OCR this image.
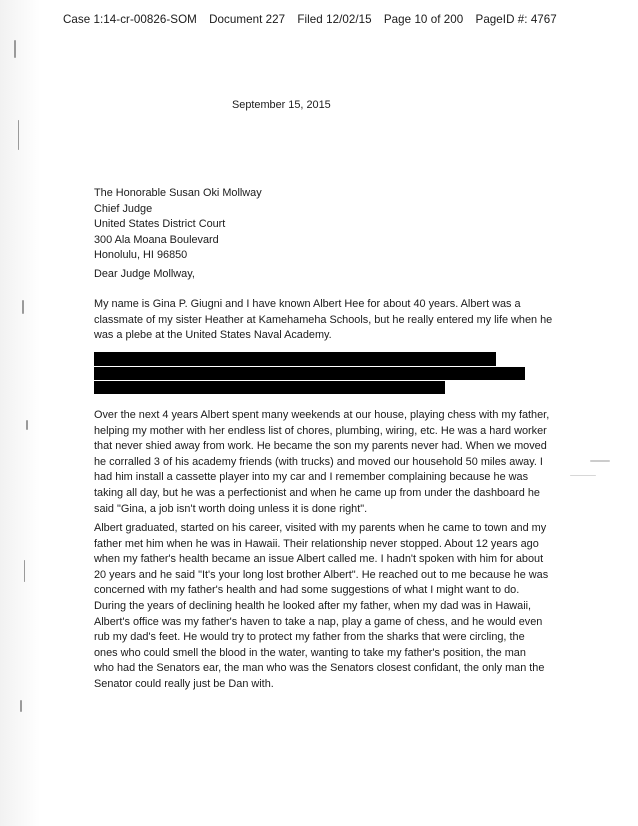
Case 1:14-cr-00826-SOM Document 227 Filed 12/02/15 Page 10 of 200 PageID #: 4767
September 15, 2015
The Honorable Susan Oki Mollway
Chief Judge
United States District Court
300 Ala Moana Boulevard
Honolulu, HI 96850
Dear Judge Mollway,
My name is Gina P. Giugni and I have known Albert Hee for about 40 years. Albert was a
classmate of my sister Heather at Kamehameha Schools, but he really entered my life when he
was a plebe at the United States Naval Academy.
Over the next 4 years Albert spent many weekends at our house, playing chess with my father,
helping my mother with her endless list of chores, plumbing, wiring, etc. He was a hard worker
that never shied away from work. He became the son my parents never had. When we moved
he corralled 3 of his academy friends (with trucks) and moved our household 50 miles away. I
had him install a cassette player into my car and I remember complaining because he was
taking all day, but he was a perfectionist and when he came up from under the dashboard he
said "Gina, a job isn't worth doing unless it is done right".
Albert graduated, started on his career, visited with my parents when he came to town and my
father met him when he was in Hawaii. Their relationship never stopped. About 12 years ago
when my father's health became an issue Albert called me. I hadn't spoken with him for about
20 years and he said "It's your long lost brother Albert". He reached out to me because he was
concerned with my father's health and had some suggestions of what I might want to do.
During the years of declining health he looked after my father, when my dad was in Hawaii,
Albert's office was my father's haven to take a nap, play a game of chess, and he would even
rub my dad's feet. He would try to protect my father from the sharks that were circling, the
ones who could smell the blood in the water, wanting to take my father's position, the man
who had the Senators ear, the man who was the Senators closest confidant, the only man the
Senator could really just be Dan with.
